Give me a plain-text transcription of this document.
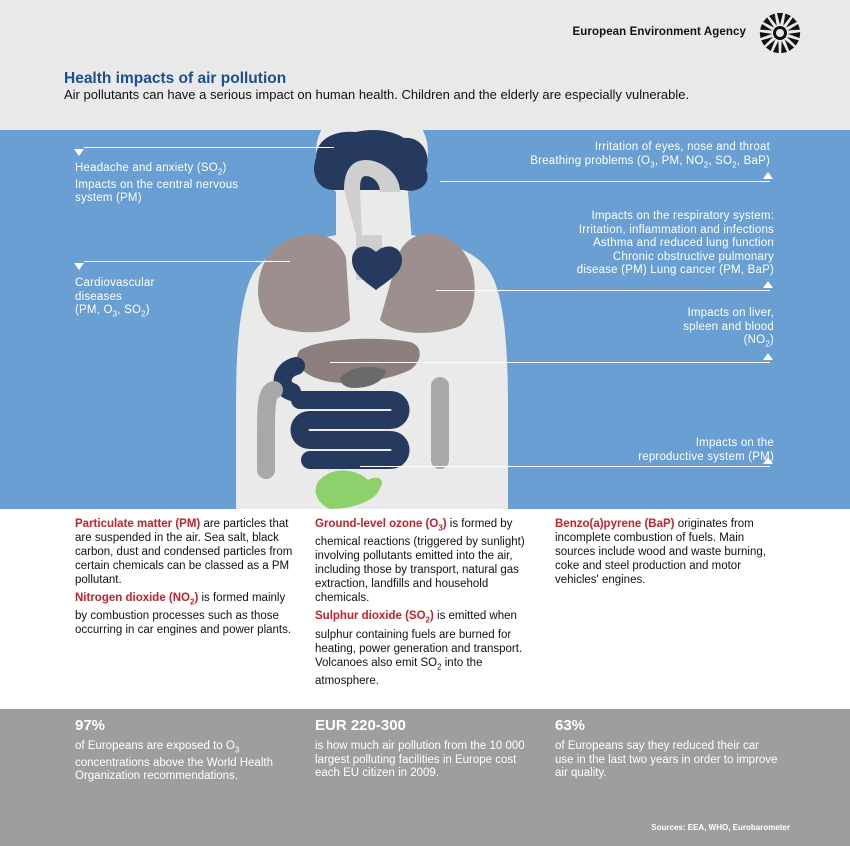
European Environment Agency
Health impacts of air pollution
Air pollutants can have a serious impact on human health. Children and the elderly are especially vulnerable.
Headache and anxiety $(SO_2)$
Impacts on the central nervous
system (PM)
Cardiovascular
diseases
(PM, $O_3$, $SO_2$)
Irritation of eyes, nose and throat
Breathing problems ($O_3$, PM, $NO_2$, $SO_2$, BaP)
Impacts on the respiratory system:
Irritation, inflammation and infections
Asthma and reduced lung function
Chronic obstructive pulmonary
disease (PM) Lung cancer (PM, BaP)
Impacts on liver,
spleen and blood
$(NO_2)$
Impacts on the
reproductive system (PM)

Particulate matter (PM) are particles that are suspended in the air. Sea salt, black carbon, dust and condensed particles from certain chemicals can be classed as a PM pollutant.

Nitrogen dioxide $(NO_2)$ is formed mainly by combustion processes such as those occurring in car engines and power plants.

Ground-level ozone $(O_3)$ is formed by chemical reactions (triggered by sunlight) involving pollutants emitted into the air, including those by transport, natural gas extraction, landfills and household chemicals.

Sulphur dioxide $(SO_2)$ is emitted when sulphur containing fuels are burned for heating, power generation and transport. Volcanoes also emit $SO_2$ into the atmosphere.

Benzo(a)pyrene (BaP) originates from incomplete combustion of fuels. Main sources include wood and waste burning, coke and steel production and motor vehicles' engines.

97%
of Europeans are exposed to $O_3$ concentrations above the World Health Organization recommendations.
EUR 220-300
is how much air pollution from the 10 000 largest polluting facilities in Europe cost each EU citizen in 2009.
63%
of Europeans say they reduced their car use in the last two years in order to improve air quality.
Sources: EEA, WHO, Eurobarometer
